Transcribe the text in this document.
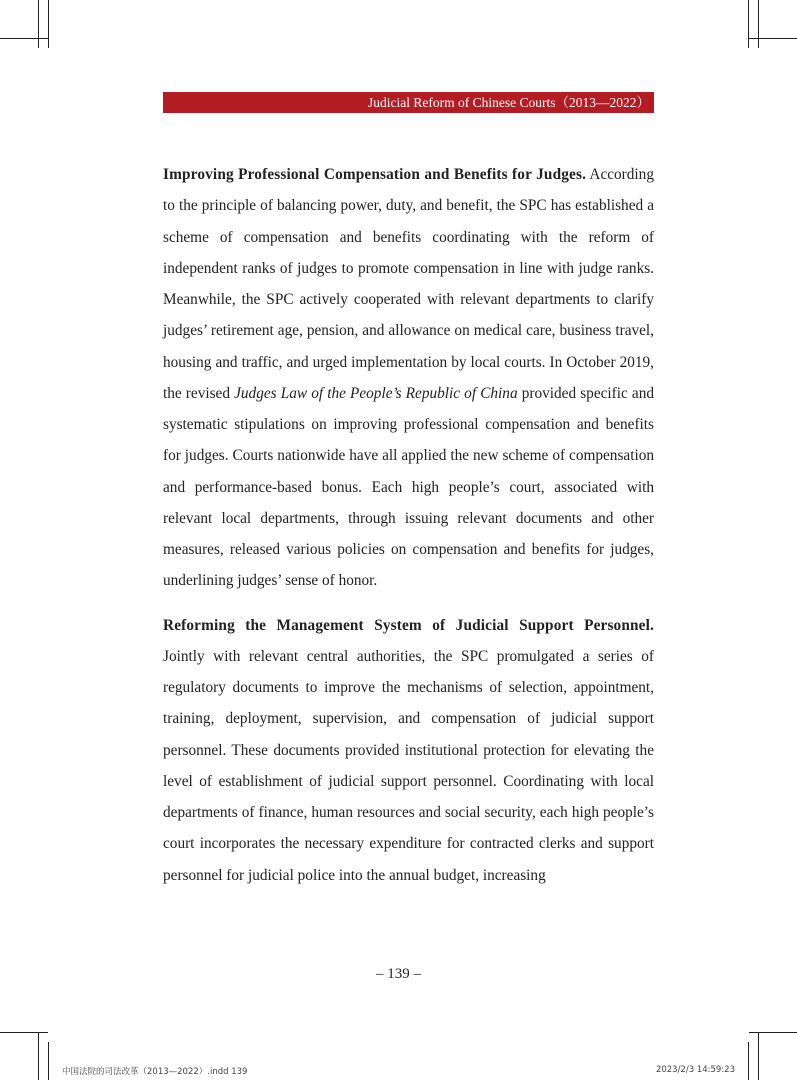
Judicial Reform of Chinese Courts（2013—2022）

Improving Professional Compensation and Benefits for Judges. According to the principle of balancing power, duty, and benefit, the SPC has established a scheme of compensation and benefits coordinating with the reform of independent ranks of judges to promote compensation in line with judge ranks. Meanwhile, the SPC actively cooperated with relevant departments to clarify judges’ retirement age, pension, and allowance on medical care, business travel, housing and traffic, and urged implementation by local courts. In October 2019, the revised Judges Law of the People’s Republic of China provided specific and systematic stipulations on improving professional compensation and benefits for judges. Courts nationwide have all applied the new scheme of compensation and performance-based bonus. Each high people’s court, associated with relevant local departments, through issuing relevant documents and other measures, released various policies on compensation and benefits for judges, underlining judges’ sense of honor.

Reforming the Management System of Judicial Support Personnel. Jointly with relevant central authorities, the SPC promulgated a series of regulatory documents to improve the mechanisms of selection, appointment, training, deployment, supervision, and compensation of judicial support personnel. These documents provided institutional protection for elevating the level of establishment of judicial support personnel. Coordinating with local departments of finance, human resources and social security, each high people’s court incorporates the necessary expenditure for contracted clerks and support personnel for judicial police into the annual budget, increasing

– 139 –
中国法院的司法改革（2013—2022）.indd 139	2023/2/3 14:59:23
